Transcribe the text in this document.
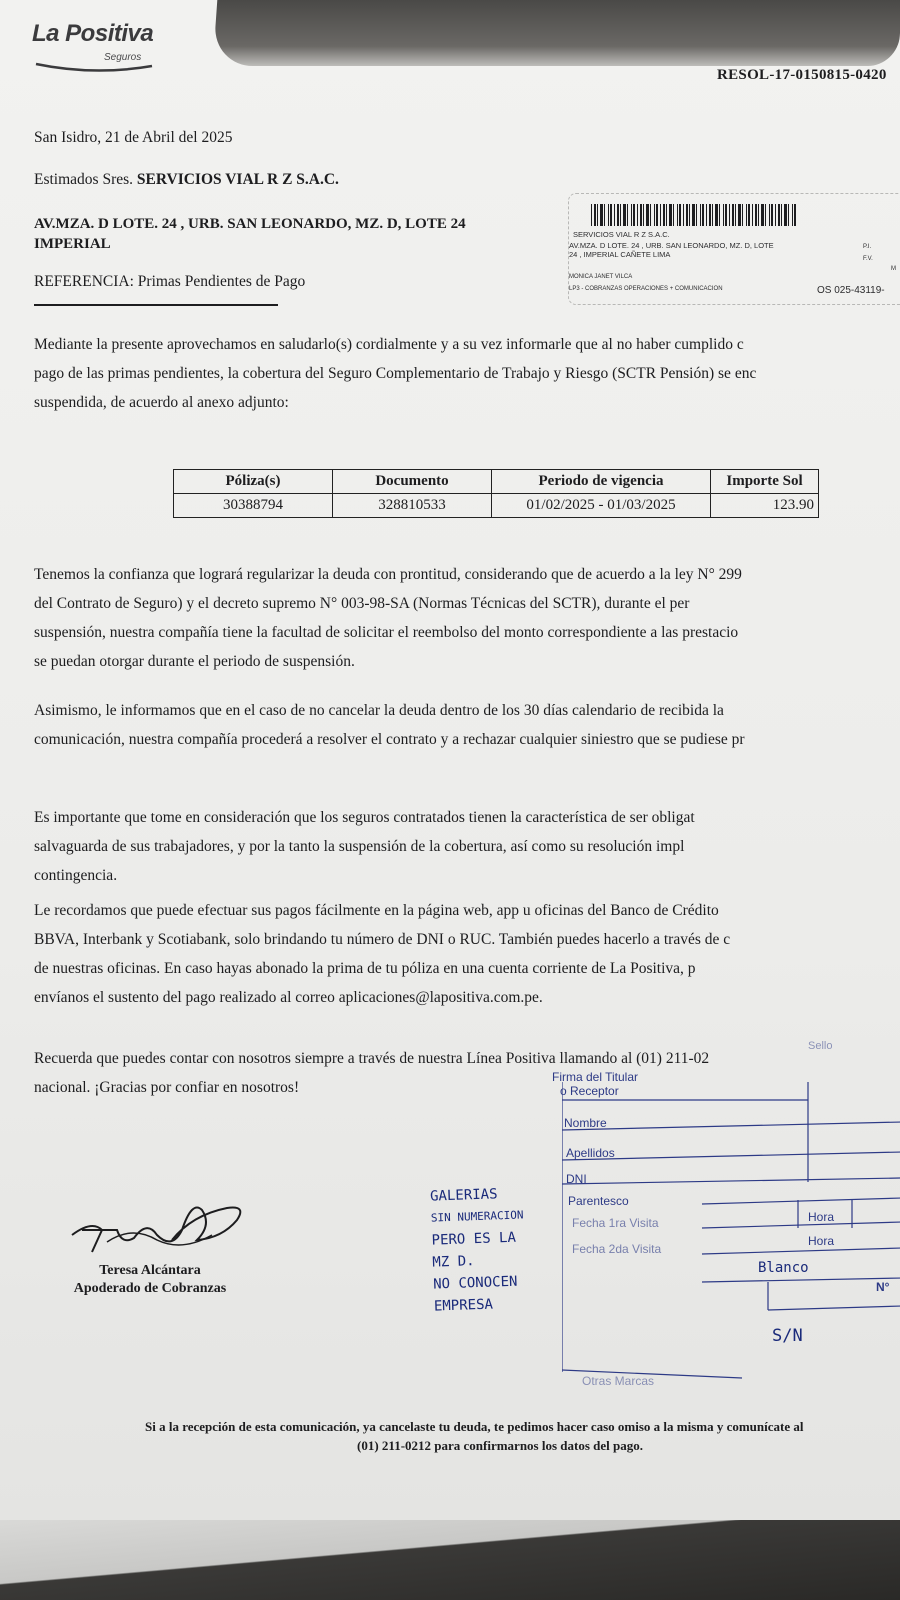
La Positiva
Seguros
RESOL-17-0150815-0420
San Isidro, 21 de Abril del 2025
Estimados Sres. SERVICIOS VIAL R Z S.A.C.
AV.MZA. D LOTE. 24 , URB. SAN LEONARDO, MZ. D, LOTE 24
IMPERIAL
REFERENCIA: Primas Pendientes de Pago
SERVICIOS VIAL R Z S.A.C.
AV.MZA. D LOTE. 24 , URB. SAN LEONARDO, MZ. D, LOTE
24 , IMPERIAL CAÑETE LIMA
MONICA JANET VILCA
LP3 - COBRANZAS OPERACIONES + COMUNICACION	OS 025-43119-
P.I.
F.V.
M
Mediante la presente aprovechamos en saludarlo(s) cordialmente y a su vez informarle que al no haber cumplido c
pago de las primas pendientes, la cobertura del Seguro Complementario de Trabajo y Riesgo (SCTR Pensión) se enc
suspendida, de acuerdo al anexo adjunto:
Póliza(s)	Documento	Periodo de vigencia	Importe Sol
30388794	328810533	01/02/2025 - 01/03/2025	123.90
Tenemos la confianza que logrará regularizar la deuda con prontitud, considerando que de acuerdo a la ley N° 299
del Contrato de Seguro) y el decreto supremo N° 003-98-SA (Normas Técnicas del SCTR), durante el per
suspensión, nuestra compañía tiene la facultad de solicitar el reembolso del monto correspondiente a las prestacio
se puedan otorgar durante el periodo de suspensión.
Asimismo, le informamos que en el caso de no cancelar la deuda dentro de los 30 días calendario de recibida la
comunicación, nuestra compañía procederá a resolver el contrato y a rechazar cualquier siniestro que se pudiese pr
Es importante que tome en consideración que los seguros contratados tienen la característica de ser obligat
salvaguarda de sus trabajadores, y por la tanto la suspensión de la cobertura, así como su resolución impl
contingencia.
Le recordamos que puede efectuar sus pagos fácilmente en la página web, app u oficinas del Banco de Crédito
BBVA, Interbank y Scotiabank, solo brindando tu número de DNI o RUC. También puedes hacerlo a través de c
de nuestras oficinas. En caso hayas abonado la prima de tu póliza en una cuenta corriente de La Positiva, p
envíanos el sustento del pago realizado al correo aplicaciones@lapositiva.com.pe.
Recuerda que puedes contar con nosotros siempre a través de nuestra Línea Positiva llamando al (01) 211-02
nacional. ¡Gracias por confiar en nosotros!
Teresa Alcántara
Apoderado de Cobranzas
GALERIAS
SIN NUMERACION
PERO ES LA
MZ D.
NO CONOCEN
EMPRESA
Firma del Titular
o Receptor
Nombre
Apellidos
DNI
Parentesco
Fecha 1ra Visita
Fecha 2da Visita
Hora
Hora
Blanco
N°
S/N
Otras Marcas
Sello
Si a la recepción de esta comunicación, ya cancelaste tu deuda, te pedimos hacer caso omiso a la misma y comunícate al
(01) 211-0212 para confirmarnos los datos del pago.
